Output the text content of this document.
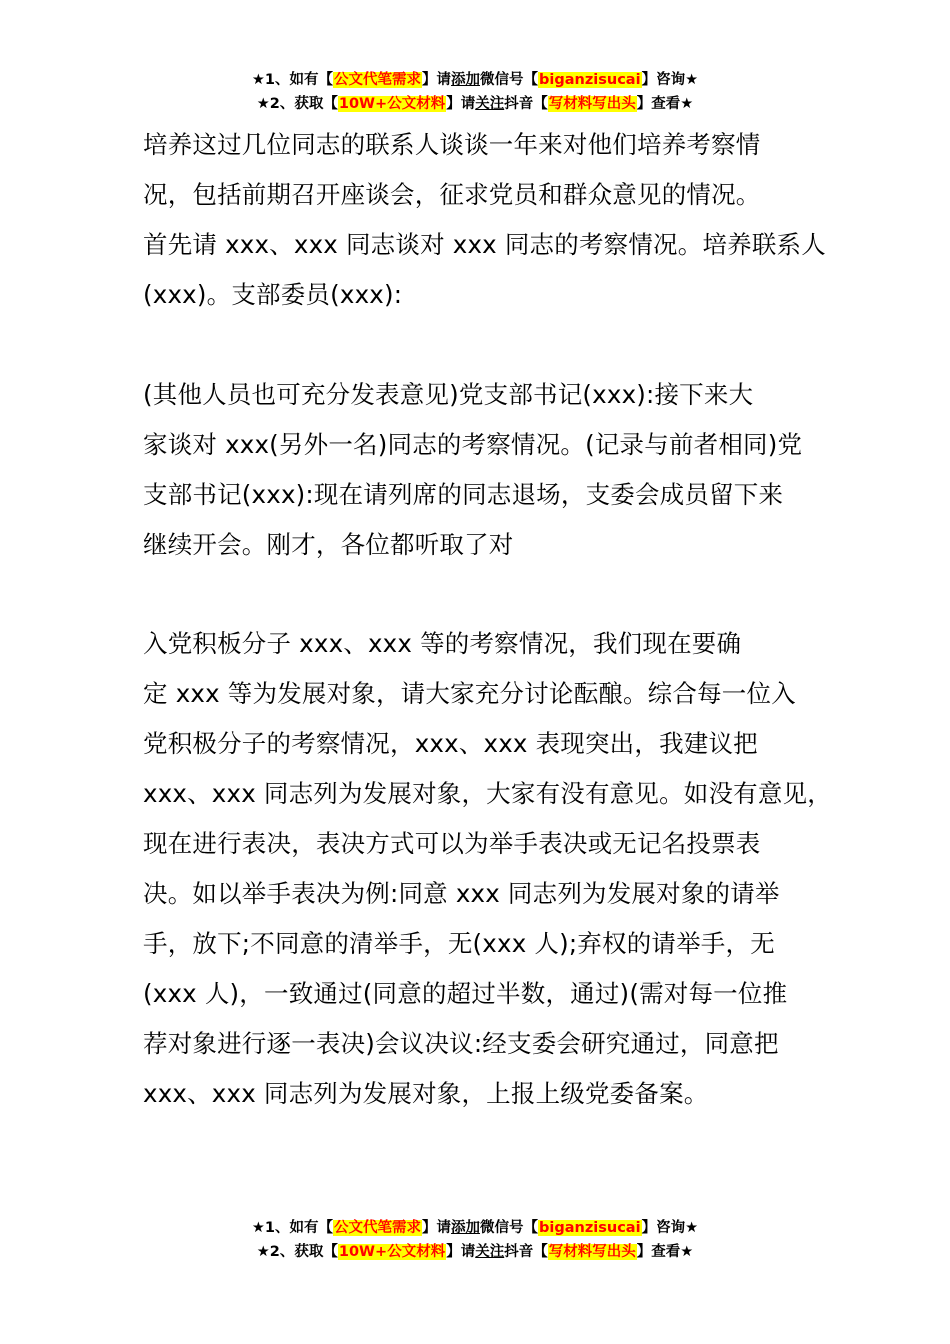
★1、如有【公文代笔需求】请添加微信号【biganzisucai】咨询★
★2、获取【10W+公文材料】请关注抖音【写材料写出头】查看★

培养这过几位同志的联系人谈谈一年来对他们培养考察情
况，包括前期召开座谈会，征求党员和群众意见的情况。
首先请 xxx、xxx 同志谈对 xxx 同志的考察情况。培养联系人
(xxx)。支部委员(xxx):

(其他人员也可充分发表意见)党支部书记(xxx):接下来大
家谈对 xxx(另外一名)同志的考察情况。(记录与前者相同)党
支部书记(xxx):现在请列席的同志退场，支委会成员留下来
继续开会。刚才，各位都听取了对

入党积板分子 xxx、xxx 等的考察情况，我们现在要确
定 xxx 等为发展对象，请大家充分讨论酝酿。综合每一位入
党积极分子的考察情况，xxx、xxx 表现突出，我建议把
xxx、xxx 同志列为发展对象，大家有没有意见。如没有意见，
现在进行表决，表决方式可以为举手表决或无记名投票表
决。如以举手表决为例:同意 xxx 同志列为发展对象的请举
手，放下;不同意的清举手，无(xxx 人);弃权的请举手，无
(xxx 人)，一致通过(同意的超过半数，通过)(需对每一位推
荐对象进行逐一表决)会议决议:经支委会研究通过，同意把
xxx、xxx 同志列为发展对象，上报上级党委备案。

★1、如有【公文代笔需求】请添加微信号【biganzisucai】咨询★
★2、获取【10W+公文材料】请关注抖音【写材料写出头】查看★
